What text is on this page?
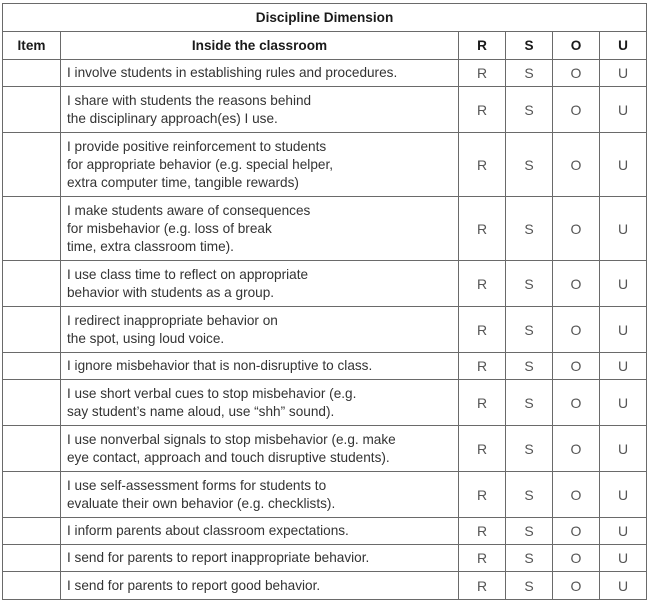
Discipline Dimension					
Item	Inside the classroom	R	S	O	U
	I involve students in establishing rules and procedures.	R	S	O	U
	I share with students the reasons behind
the disciplinary approach(es) I use.	R	S	O	U
	I provide positive reinforcement to students
for appropriate behavior (e.g. special helper,
extra computer time, tangible rewards)	R	S	O	U
	I make students aware of consequences
for misbehavior (e.g. loss of break
time, extra classroom time).	R	S	O	U
	I use class time to reflect on appropriate
behavior with students as a group.	R	S	O	U
	I redirect inappropriate behavior on
the spot, using loud voice.	R	S	O	U
	I ignore misbehavior that is non-disruptive to class.	R	S	O	U
	I use short verbal cues to stop misbehavior (e.g.
say student’s name aloud, use “shh” sound).	R	S	O	U
	I use nonverbal signals to stop misbehavior (e.g. make
eye contact, approach and touch disruptive students).	R	S	O	U
	I use self-assessment forms for students to
evaluate their own behavior (e.g. checklists).	R	S	O	U
	I inform parents about classroom expectations.	R	S	O	U
	I send for parents to report inappropriate behavior.	R	S	O	U
	I send for parents to report good behavior.	R	S	O	U
